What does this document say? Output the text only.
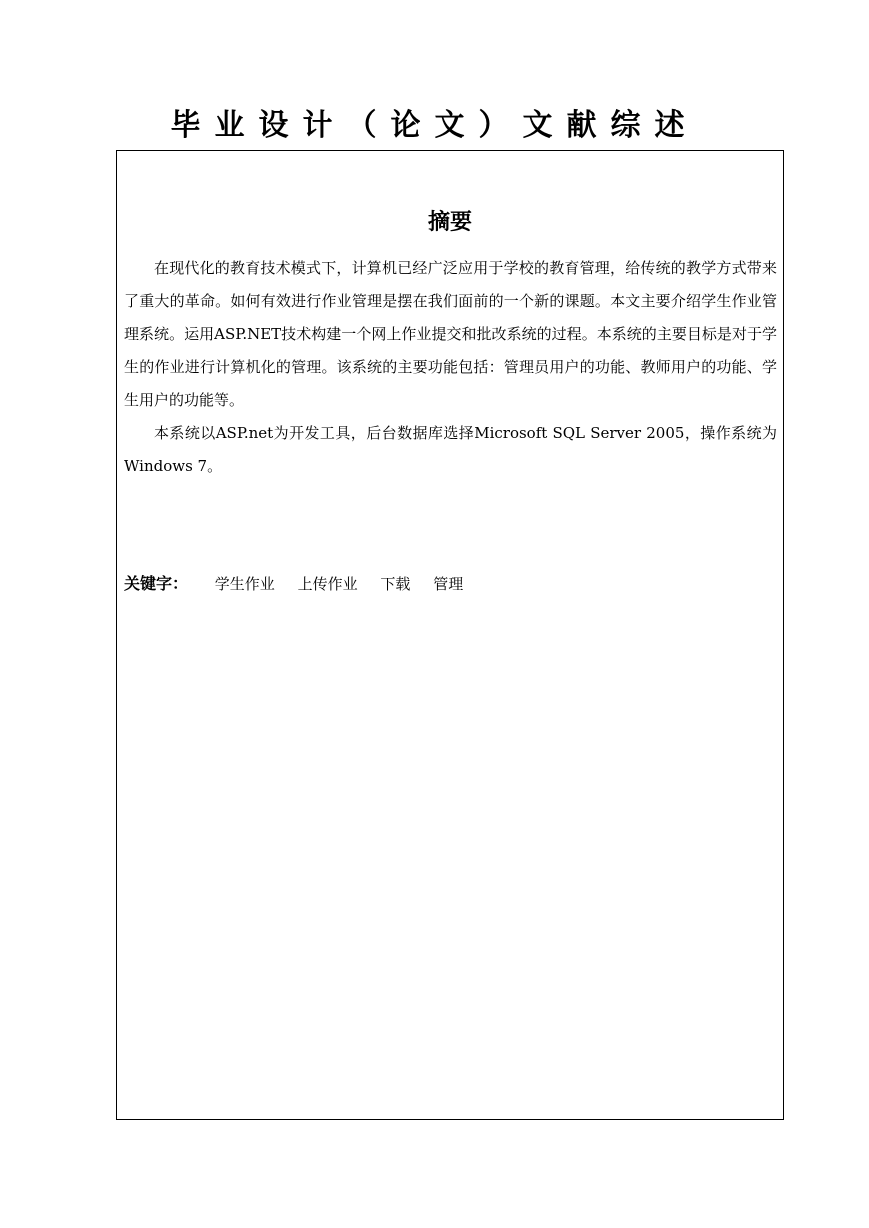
毕业设计（论文）文献综述
摘要

在现代化的教育技术模式下，计算机已经广泛应用于学校的教育管理，给传统的教学方式带来了重大的革命。如何有效进行作业管理是摆在我们面前的一个新的课题。本文主要介绍学生作业管理系统。运用ASP.NET技术构建一个网上作业提交和批改系统的过程。本系统的主要目标是对于学生的作业进行计算机化的管理。该系统的主要功能包括：管理员用户的功能、教师用户的功能、学生用户的功能等。

本系统以ASP.net为开发工具，后台数据库选择Microsoft SQL Server 2005，操作系统为Windows 7。

关键字： 学生作业 上传作业 下载 管理
